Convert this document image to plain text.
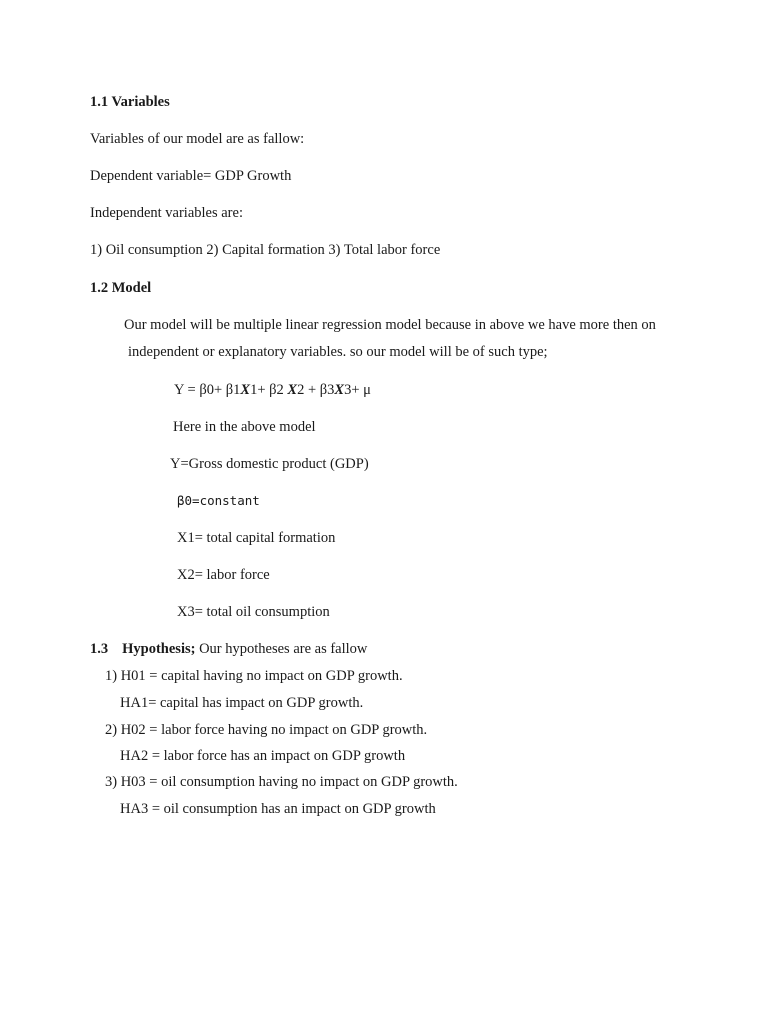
1.1 Variables
Variables of our model are as fallow:
Dependent variable= GDP Growth
Independent variables are:
1) Oil consumption 2) Capital formation 3) Total labor force
1.2 Model
Our model will be multiple linear regression model because in above we have more then on
independent or explanatory variables. so our model will be of such type;
Y = β0+ β1X1+ β2 X2 + β3X3+ μ
Here in the above model
Y=Gross domestic product (GDP)
β0=constant
X1= total capital formation
X2= labor force
X3= total oil consumption
1.3 Hypothesis; Our hypotheses are as fallow
1) H01 = capital having no impact on GDP growth.
HA1= capital has impact on GDP growth.
2) H02 = labor force having no impact on GDP growth.
HA2 = labor force has an impact on GDP growth
3) H03 = oil consumption having no impact on GDP growth.
HA3 = oil consumption has an impact on GDP growth
